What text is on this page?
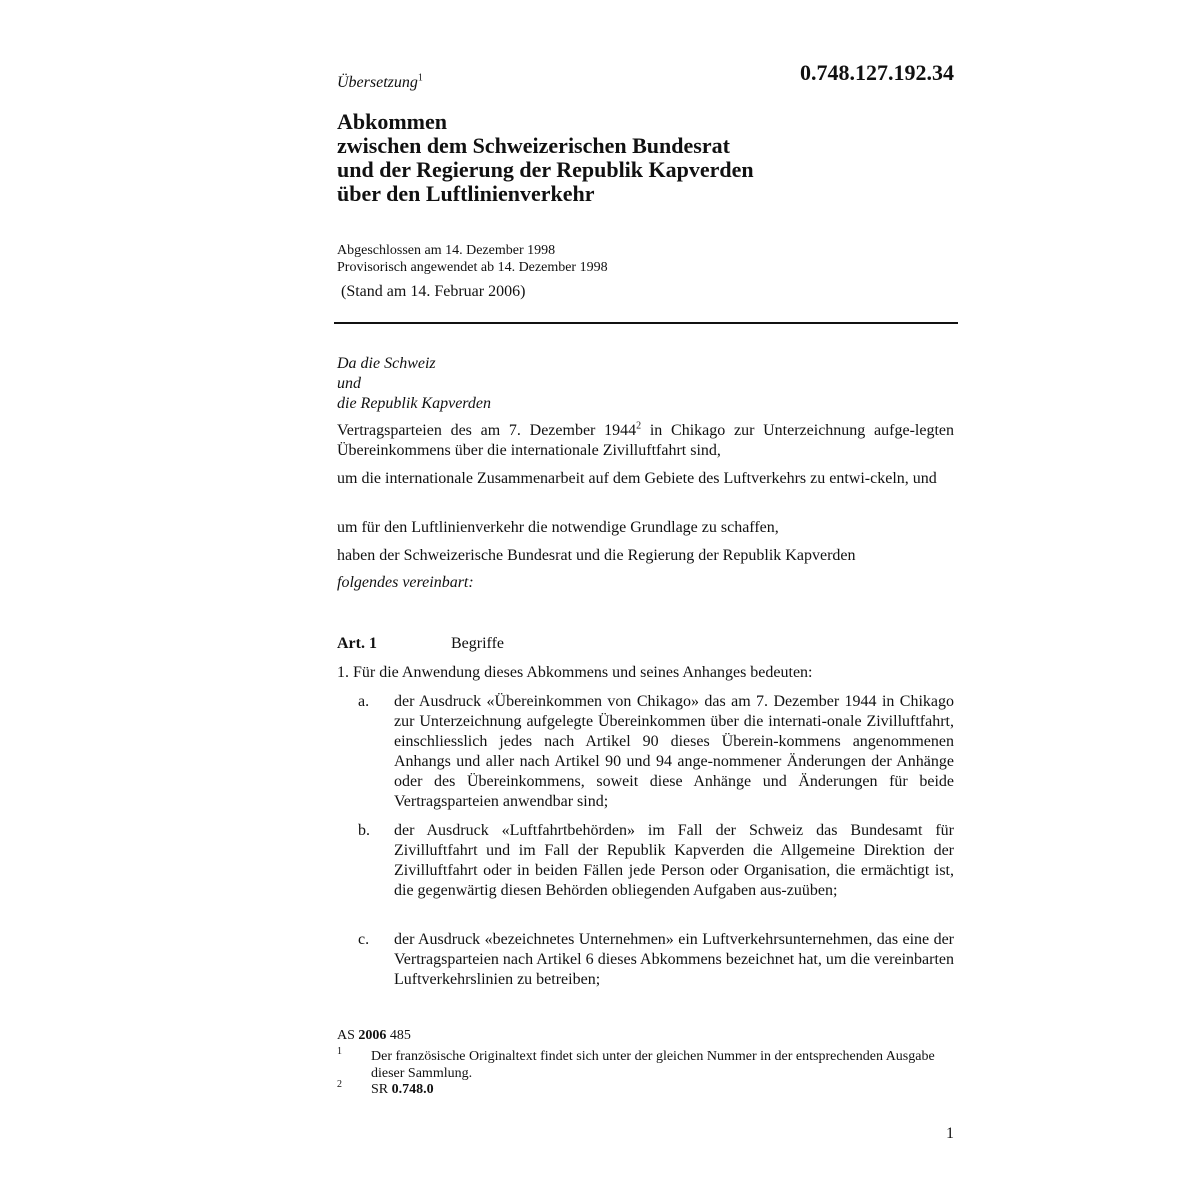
Übersetzung$^1$	0.748.127.192.34
Abkommen
zwischen dem Schweizerischen Bundesrat
und der Regierung der Republik Kapverden
über den Luftlinienverkehr
Abgeschlossen am 14. Dezember 1998
Provisorisch angewendet ab 14. Dezember 1998
(Stand am 14. Februar 2006)
Da die Schweiz
und
die Republik Kapverden

Vertragsparteien des am 7. Dezember 1944$^2$ in Chikago zur Unterzeichnung aufge-legten Übereinkommens über die internationale Zivilluftfahrt sind,

um die internationale Zusammenarbeit auf dem Gebiete des Luftverkehrs zu entwi-ckeln, und

um für den Luftlinienverkehr die notwendige Grundlage zu schaffen,

haben der Schweizerische Bundesrat und die Regierung der Republik Kapverden

folgendes vereinbart:

Art. 1	Begriffe
1. Für die Anwendung dieses Abkommens und seines Anhanges bedeuten:
a. der Ausdruck «Übereinkommen von Chikago» das am 7. Dezember 1944 in Chikago zur Unterzeichnung aufgelegte Übereinkommen über die internati-onale Zivilluftfahrt, einschliesslich jedes nach Artikel 90 dieses Überein-kommens angenommenen Anhangs und aller nach Artikel 90 und 94 ange-nommener Änderungen der Anhänge oder des Übereinkommens, soweit diese Anhänge und Änderungen für beide Vertragsparteien anwendbar sind;

b. der Ausdruck «Luftfahrtbehörden» im Fall der Schweiz das Bundesamt für Zivilluftfahrt und im Fall der Republik Kapverden die Allgemeine Direktion der Zivilluftfahrt oder in beiden Fällen jede Person oder Organisation, die ermächtigt ist, die gegenwärtig diesen Behörden obliegenden Aufgaben aus-zuüben;

c. der Ausdruck «bezeichnetes Unternehmen» ein Luftverkehrsunternehmen, das eine der Vertragsparteien nach Artikel 6 dieses Abkommens bezeichnet hat, um die vereinbarten Luftverkehrslinien zu betreiben;

AS 2006 485
1 Der französische Originaltext findet sich unter der gleichen Nummer in der entsprechenden Ausgabe dieser Sammlung.
2 SR 0.748.0
1
